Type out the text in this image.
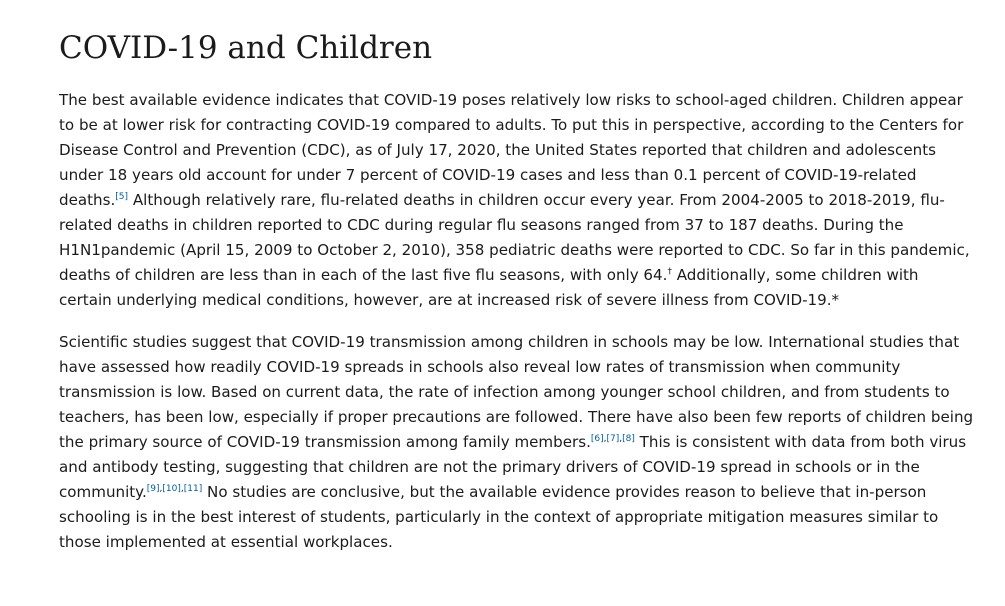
COVID-19 and Children

The best available evidence indicates that COVID-19 poses relatively low risks to school-aged children. Children appear to be at lower risk for contracting COVID-19 compared to adults. To put this in perspective, according to the Centers for Disease Control and Prevention (CDC), as of July 17, 2020, the United States reported that children and adolescents under 18 years old account for under 7 percent of COVID-19 cases and less than 0.1 percent of COVID-19-related deaths.[5] Although relatively rare, flu-related deaths in children occur every year. From 2004-2005 to 2018-2019, flu-related deaths in children reported to CDC during regular flu seasons ranged from 37 to 187 deaths. During the H1N1pandemic (April 15, 2009 to October 2, 2010), 358 pediatric deaths were reported to CDC. So far in this pandemic, deaths of children are less than in each of the last five flu seasons, with only 64.† Additionally, some children with certain underlying medical conditions, however, are at increased risk of severe illness from COVID-19.*

Scientific studies suggest that COVID-19 transmission among children in schools may be low. International studies that have assessed how readily COVID-19 spreads in schools also reveal low rates of transmission when community transmission is low. Based on current data, the rate of infection among younger school children, and from students to teachers, has been low, especially if proper precautions are followed. There have also been few reports of children being the primary source of COVID-19 transmission among family members.[6],[7],[8] This is consistent with data from both virus and antibody testing, suggesting that children are not the primary drivers of COVID-19 spread in schools or in the community.[9],[10],[11] No studies are conclusive, but the available evidence provides reason to believe that in-person schooling is in the best interest of students, particularly in the context of appropriate mitigation measures similar to those implemented at essential workplaces.
